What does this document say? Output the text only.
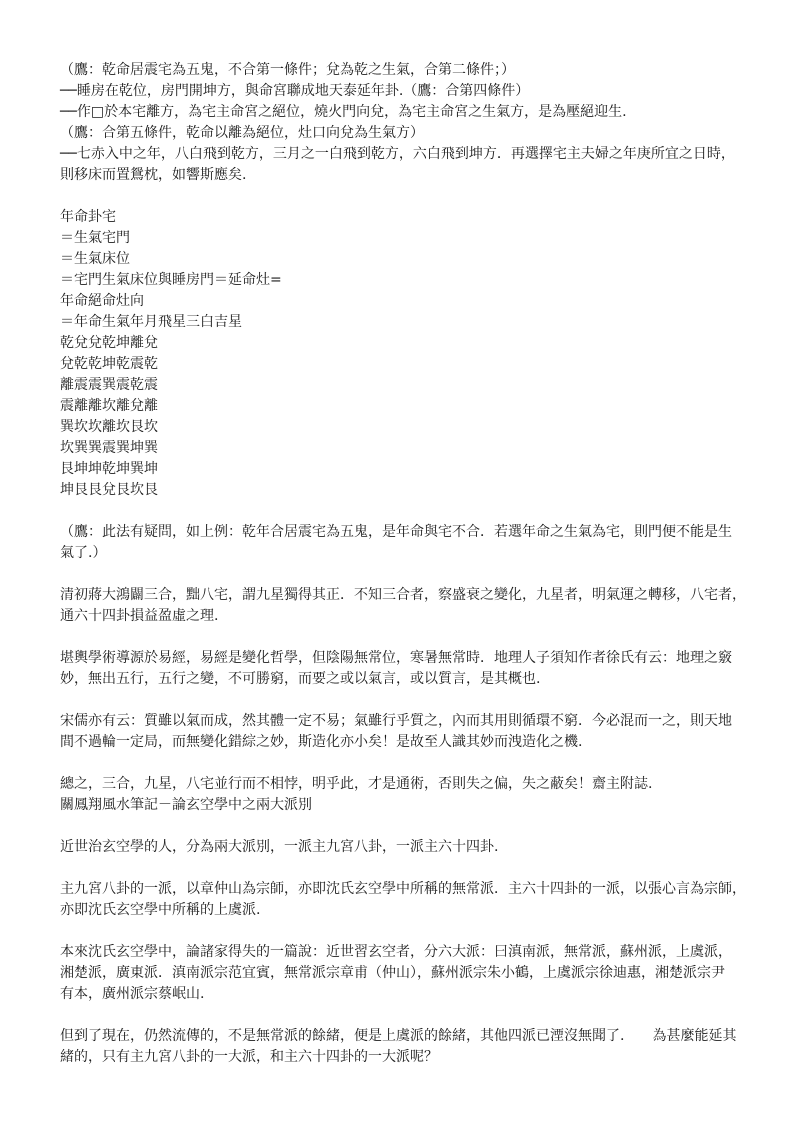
（鷹：乾命居震宅為五鬼，不合第一條件；兌為乾之生氣，合第二條件；）
──睡房在乾位，房門開坤方，與命宮聯成地天泰延年卦.（鷹：合第四條件）
──作□於本宅離方，為宅主命宮之絕位，燒火門向兌，為宅主命宮之生氣方，是為壓絕迎生.
（鷹：合第五條件，乾命以離為絕位，灶口向兌為生氣方）
──七赤入中之年，八白飛到乾方，三月之一白飛到乾方，六白飛到坤方．再選擇宅主夫婦之年庚所宜之日時，
則移床而置鴛枕，如響斯應矣.
年命卦宅
＝生氣宅門
＝生氣床位
＝宅門生氣床位與睡房門＝延命灶=
年命絕命灶向
＝年命生氣年月飛星三白吉星
乾兌兌乾坤離兌
兌乾乾坤乾震乾
離震震巽震乾震
震離離坎離兌離
巽坎坎離坎艮坎
坎巽巽震巽坤巽
艮坤坤乾坤巽坤
坤艮艮兌艮坎艮
（鷹：此法有疑問，如上例：乾年合居震宅為五鬼，是年命與宅不合．若選年命之生氣為宅，則門便不能是生
氣了.）
清初蔣大鴻闢三合，黜八宅，謂九星獨得其正．不知三合者，察盛衰之變化，九星者，明氣運之轉移，八宅者，
通六十四卦損益盈虛之理.
堪輿學術導源於易經，易經是變化哲學，但陰陽無常位，寒暑無常時．地理人子須知作者徐氏有云：地理之竅
妙，無出五行，五行之變，不可勝窮，而要之或以氣言，或以質言，是其概也.
宋儒亦有云：質雖以氣而成，然其體一定不易；氣雖行乎質之，內而其用則循環不窮．今必混而一之，則天地
間不過輪一定局，而無變化錯綜之妙，斯造化亦小矣！是故至人識其妙而洩造化之機.
總之，三合，九星，八宅並行而不相悖，明乎此，才是通術，否則失之偏，失之蔽矣！齋主附誌.
關鳳翔風水筆記－論玄空學中之兩大派別
近世治玄空學的人，分為兩大派別，一派主九宮八卦，一派主六十四卦.
主九宮八卦的一派，以章仲山為宗師，亦即沈氏玄空學中所稱的無常派．主六十四卦的一派，以張心言為宗師，
亦即沈氏玄空學中所稱的上虞派.
本來沈氏玄空學中，論諸家得失的一篇說：近世習玄空者，分六大派：曰滇南派，無常派，蘇州派，上虞派，
湘楚派，廣東派．滇南派宗范宜賓，無常派宗章甫（仲山），蘇州派宗朱小鶴，上虞派宗徐迪惠，湘楚派宗尹
有本，廣州派宗蔡岷山.
但到了現在，仍然流傳的，不是無常派的餘緒，便是上虞派的餘緒，其他四派已湮沒無聞了.　　為甚麼能延其
緒的，只有主九宮八卦的一大派，和主六十四卦的一大派呢？
